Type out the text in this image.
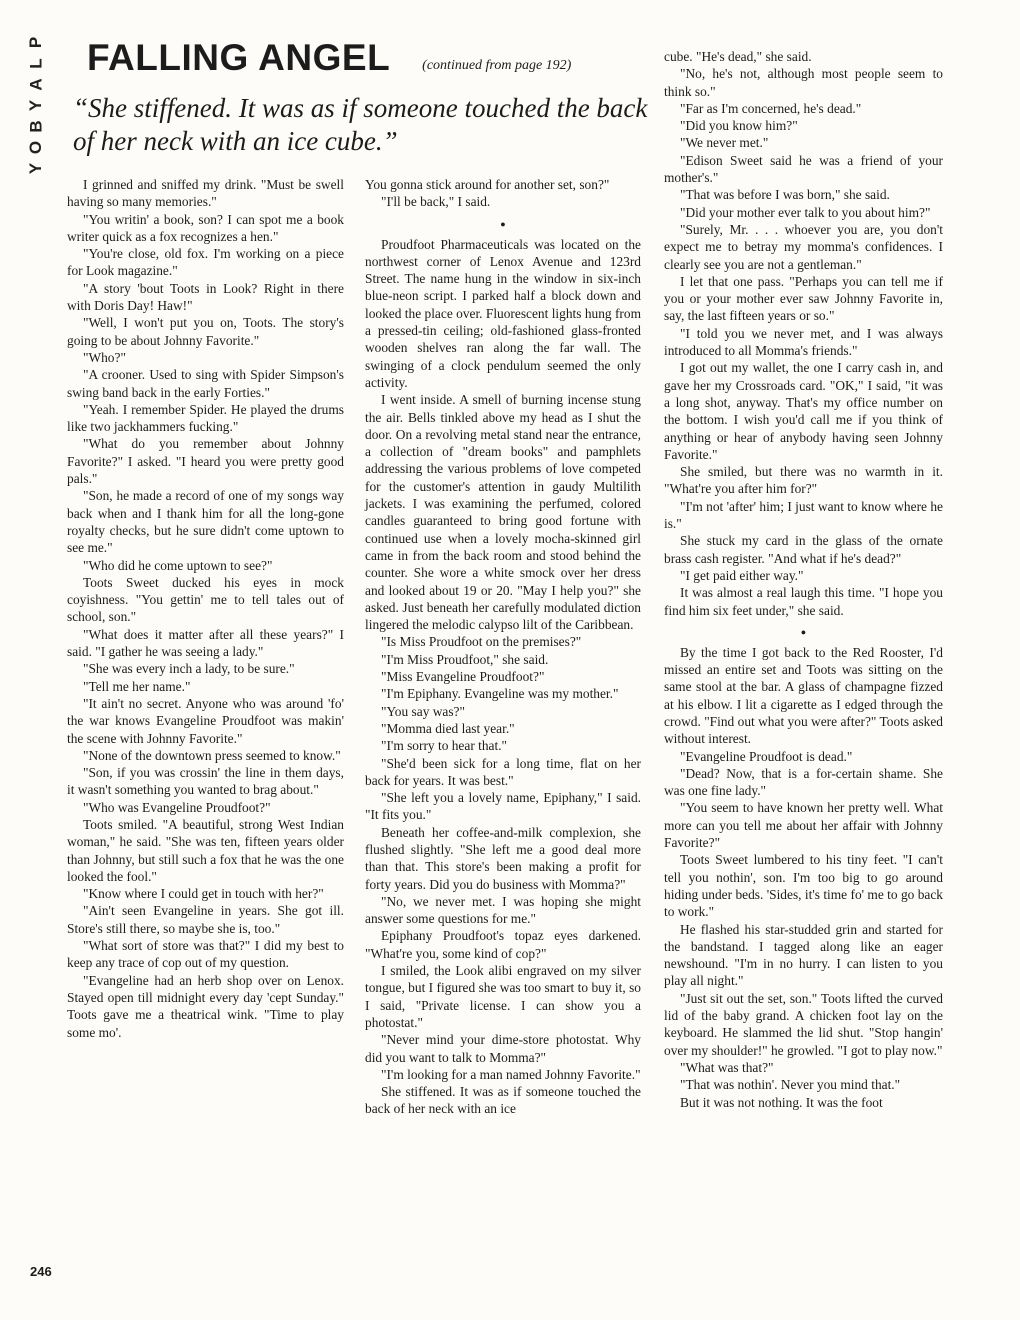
P
L
A
Y
B
O
Y
FALLING ANGEL (continued from page 192)
“She stiffened. It was as if someone touched the back of her neck with an ice cube.”

I grinned and sniffed my drink. "Must be swell having so many memories."

"You writin' a book, son? I can spot me a book writer quick as a fox recognizes a hen."

"You're close, old fox. I'm working on a piece for Look magazine."

"A story 'bout Toots in Look? Right in there with Doris Day! Haw!"

"Well, I won't put you on, Toots. The story's going to be about Johnny Favorite."

"Who?"

"A crooner. Used to sing with Spider Simpson's swing band back in the early Forties."

"Yeah. I remember Spider. He played the drums like two jackhammers fucking."

"What do you remember about Johnny Favorite?" I asked. "I heard you were pretty good pals."

"Son, he made a record of one of my songs way back when and I thank him for all the long-gone royalty checks, but he sure didn't come uptown to see me."

"Who did he come uptown to see?"

Toots Sweet ducked his eyes in mock coyishness. "You gettin' me to tell tales out of school, son."

"What does it matter after all these years?" I said. "I gather he was seeing a lady."

"She was every inch a lady, to be sure."

"Tell me her name."

"It ain't no secret. Anyone who was around 'fo' the war knows Evangeline Proudfoot was makin' the scene with Johnny Favorite."

"None of the downtown press seemed to know."

"Son, if you was crossin' the line in them days, it wasn't something you wanted to brag about."

"Who was Evangeline Proudfoot?"

Toots smiled. "A beautiful, strong West Indian woman," he said. "She was ten, fifteen years older than Johnny, but still such a fox that he was the one looked the fool."

"Know where I could get in touch with her?"

"Ain't seen Evangeline in years. She got ill. Store's still there, so maybe she is, too."

"What sort of store was that?" I did my best to keep any trace of cop out of my question.

"Evangeline had an herb shop over on Lenox. Stayed open till midnight every day 'cept Sunday." Toots gave me a theatrical wink. "Time to play some mo'.

You gonna stick around for another set, son?"

"I'll be back," I said.

●

Proudfoot Pharmaceuticals was located on the northwest corner of Lenox Avenue and 123rd Street. The name hung in the window in six-inch blue-neon script. I parked half a block down and looked the place over. Fluorescent lights hung from a pressed-tin ceiling; old-fashioned glass-fronted wooden shelves ran along the far wall. The swinging of a clock pendulum seemed the only activity.

I went inside. A smell of burning incense stung the air. Bells tinkled above my head as I shut the door. On a revolving metal stand near the entrance, a collection of "dream books" and pamphlets addressing the various problems of love competed for the customer's attention in gaudy Multilith jackets. I was examining the perfumed, colored candles guaranteed to bring good fortune with continued use when a lovely mocha-skinned girl came in from the back room and stood behind the counter. She wore a white smock over her dress and looked about 19 or 20. "May I help you?" she asked. Just beneath her carefully modulated diction lingered the melodic calypso lilt of the Caribbean.

"Is Miss Proudfoot on the premises?"

"I'm Miss Proudfoot," she said.

"Miss Evangeline Proudfoot?"

"I'm Epiphany. Evangeline was my mother."

"You say was?"

"Momma died last year."

"I'm sorry to hear that."

"She'd been sick for a long time, flat on her back for years. It was best."

"She left you a lovely name, Epiphany," I said. "It fits you."

Beneath her coffee-and-milk complexion, she flushed slightly. "She left me a good deal more than that. This store's been making a profit for forty years. Did you do business with Momma?"

"No, we never met. I was hoping she might answer some questions for me."

Epiphany Proudfoot's topaz eyes darkened. "What're you, some kind of cop?"

I smiled, the Look alibi engraved on my silver tongue, but I figured she was too smart to buy it, so I said, "Private license. I can show you a photostat."

"Never mind your dime-store photostat. Why did you want to talk to Momma?"

"I'm looking for a man named Johnny Favorite."

She stiffened. It was as if someone touched the back of her neck with an ice

cube. "He's dead," she said.

"No, he's not, although most people seem to think so."

"Far as I'm concerned, he's dead."

"Did you know him?"

"We never met."

"Edison Sweet said he was a friend of your mother's."

"That was before I was born," she said.

"Did your mother ever talk to you about him?"

"Surely, Mr. . . . whoever you are, you don't expect me to betray my momma's confidences. I clearly see you are not a gentleman."

I let that one pass. "Perhaps you can tell me if you or your mother ever saw Johnny Favorite in, say, the last fifteen years or so."

"I told you we never met, and I was always introduced to all Momma's friends."

I got out my wallet, the one I carry cash in, and gave her my Crossroads card. "OK," I said, "it was a long shot, anyway. That's my office number on the bottom. I wish you'd call me if you think of anything or hear of anybody having seen Johnny Favorite."

She smiled, but there was no warmth in it. "What're you after him for?"

"I'm not 'after' him; I just want to know where he is."

She stuck my card in the glass of the ornate brass cash register. "And what if he's dead?"

"I get paid either way."

It was almost a real laugh this time. "I hope you find him six feet under," she said.

●

By the time I got back to the Red Rooster, I'd missed an entire set and Toots was sitting on the same stool at the bar. A glass of champagne fizzed at his elbow. I lit a cigarette as I edged through the crowd. "Find out what you were after?" Toots asked without interest.

"Evangeline Proudfoot is dead."

"Dead? Now, that is a for-certain shame. She was one fine lady."

"You seem to have known her pretty well. What more can you tell me about her affair with Johnny Favorite?"

Toots Sweet lumbered to his tiny feet. "I can't tell you nothin', son. I'm too big to go around hiding under beds. 'Sides, it's time fo' me to go back to work."

He flashed his star-studded grin and started for the bandstand. I tagged along like an eager newshound. "I'm in no hurry. I can listen to you play all night."

"Just sit out the set, son." Toots lifted the curved lid of the baby grand. A chicken foot lay on the keyboard. He slammed the lid shut. "Stop hangin' over my shoulder!" he growled. "I got to play now."

"What was that?"

"That was nothin'. Never you mind that."

But it was not nothing. It was the foot

246
